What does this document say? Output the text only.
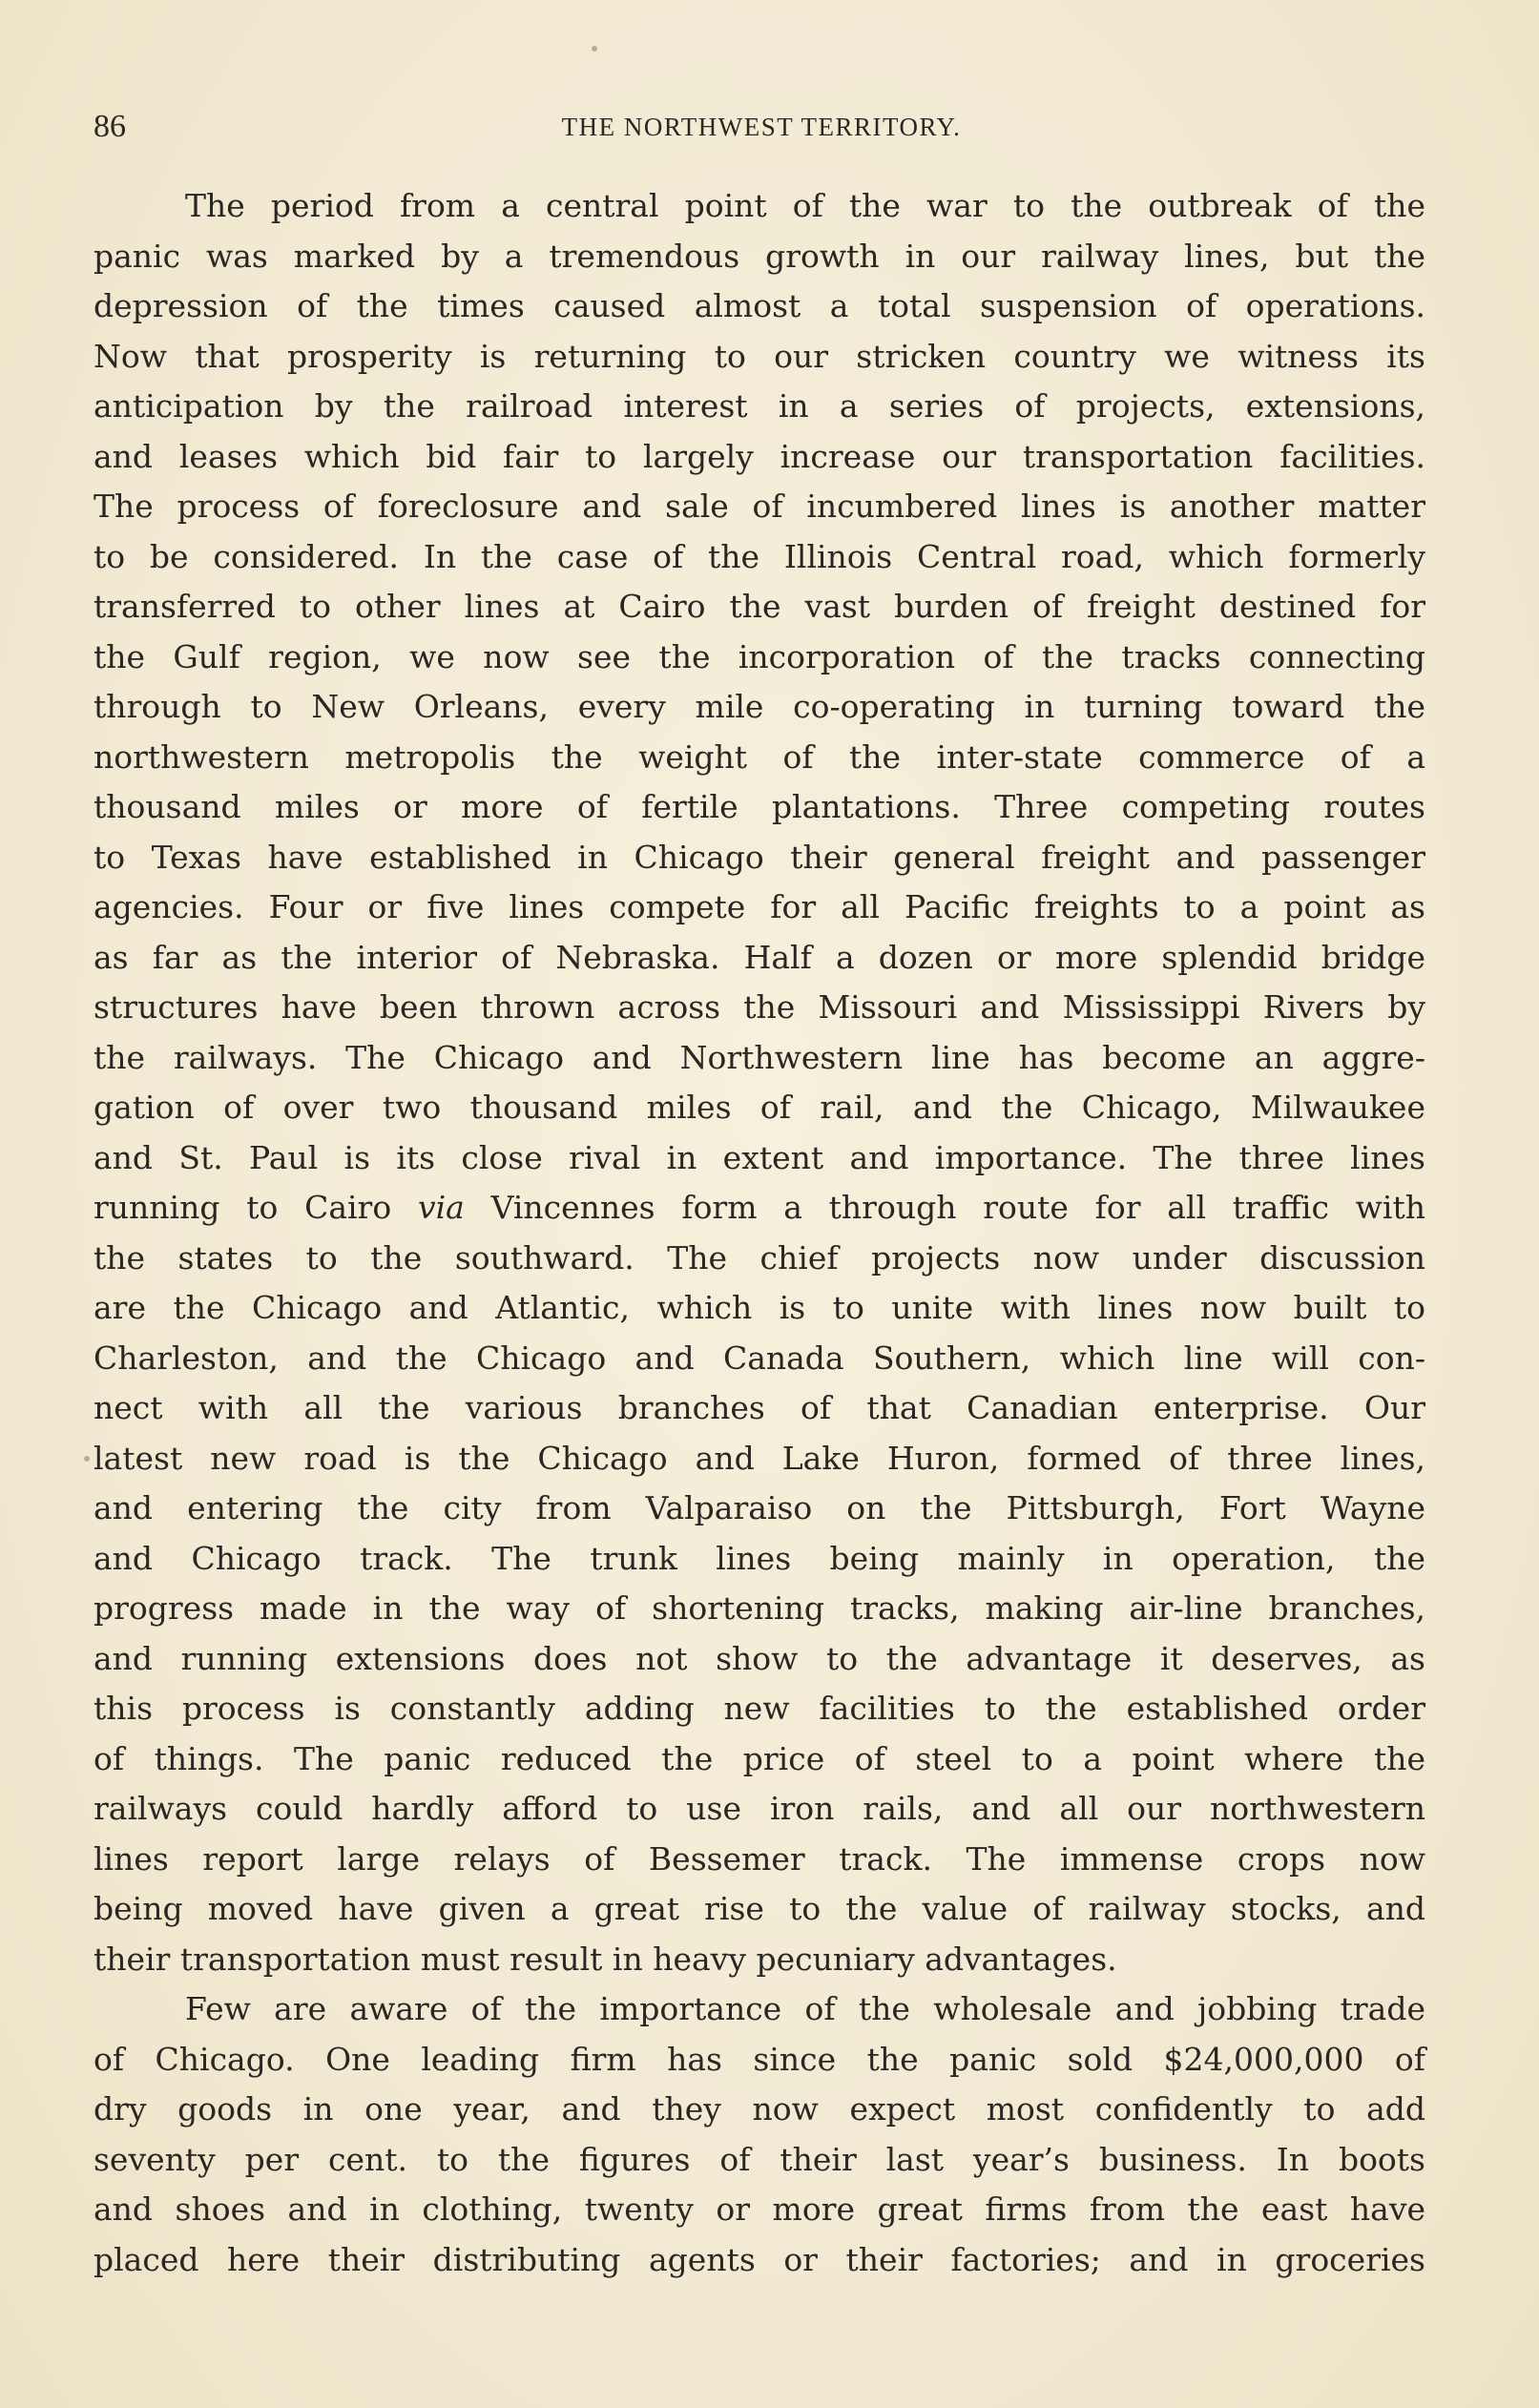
86	THE NORTHWEST TERRITORY.
The period from a central point of the war to the outbreak of the
panic was marked by a tremendous growth in our railway lines, but the
depression of the times caused almost a total suspension of operations.
Now that prosperity is returning to our stricken country we witness its
anticipation by the railroad interest in a series of projects, extensions,
and leases which bid fair to largely increase our transportation facilities.
The process of foreclosure and sale of incumbered lines is another matter
to be considered. In the case of the Illinois Central road, which formerly
transferred to other lines at Cairo the vast burden of freight destined for
the Gulf region, we now see the incorporation of the tracks connecting
through to New Orleans, every mile co-operating in turning toward the
northwestern metropolis the weight of the inter-state commerce of a
thousand miles or more of fertile plantations. Three competing routes
to Texas have established in Chicago their general freight and passenger
agencies. Four or five lines compete for all Pacific freights to a point as
as far as the interior of Nebraska. Half a dozen or more splendid bridge
structures have been thrown across the Missouri and Mississippi Rivers by
the railways. The Chicago and Northwestern line has become an aggre-
gation of over two thousand miles of rail, and the Chicago, Milwaukee
and St. Paul is its close rival in extent and importance. The three lines
running to Cairo via Vincennes form a through route for all traffic with
the states to the southward. The chief projects now under discussion
are the Chicago and Atlantic, which is to unite with lines now built to
Charleston, and the Chicago and Canada Southern, which line will con-
nect with all the various branches of that Canadian enterprise. Our
latest new road is the Chicago and Lake Huron, formed of three lines,
and entering the city from Valparaiso on the Pittsburgh, Fort Wayne
and Chicago track. The trunk lines being mainly in operation, the
progress made in the way of shortening tracks, making air-line branches,
and running extensions does not show to the advantage it deserves, as
this process is constantly adding new facilities to the established order
of things. The panic reduced the price of steel to a point where the
railways could hardly afford to use iron rails, and all our northwestern
lines report large relays of Bessemer track. The immense crops now
being moved have given a great rise to the value of railway stocks, and
their transportation must result in heavy pecuniary advantages.
Few are aware of the importance of the wholesale and jobbing trade
of Chicago. One leading firm has since the panic sold $24,000,000 of
dry goods in one year, and they now expect most confidently to add
seventy per cent. to the figures of their last year’s business. In boots
and shoes and in clothing, twenty or more great firms from the east have
placed here their distributing agents or their factories; and in groceries
